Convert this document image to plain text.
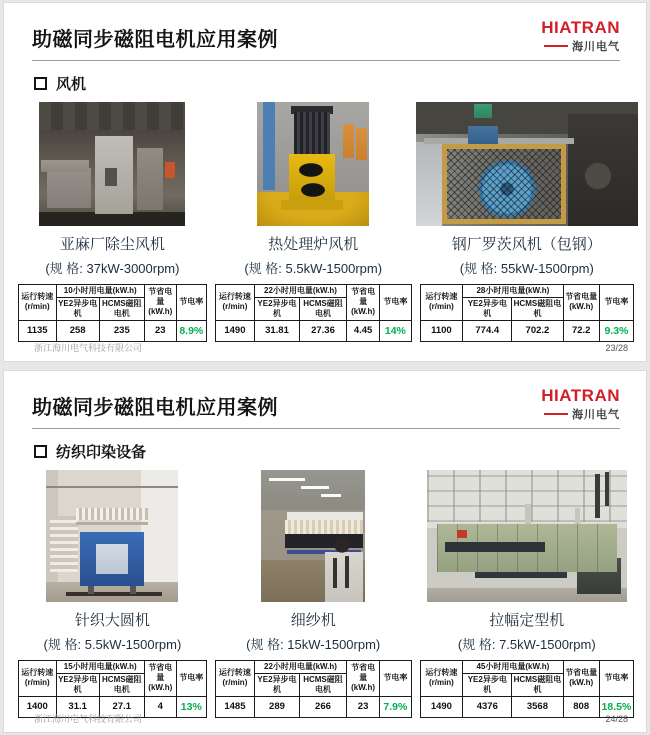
助磁同步磁阻电机应用案例
HIATRAN
海川电气
风机
亚麻厂除尘风机
(规 格: 37kW-3000rpm)
运行转速 (r/min)	10小时用电量(kW.h)		节省电量 (kW.h)	节电率
	YE2异步电机	HCMS磁阻电机		
1135	258	235	23	8.9%
热处理炉风机
(规 格: 5.5kW-1500rpm)
运行转速 (r/min)	22小时用电量(kW.h)		节省电量 (kW.h)	节电率
	YE2异步电机	HCMS磁阻电机		
1490	31.81	27.36	4.45	14%
钢厂罗茨风机（包钢）
(规 格: 55kW-1500rpm)
运行转速 (r/min)	28小时用电量(kW.h)		节省电量 (kW.h)	节电率
	YE2异步电机	HCMS磁阻电机		
1100	774.4	702.2	72.2	9.3%
浙江海川电气科技有限公司	23/28
助磁同步磁阻电机应用案例
HIATRAN
海川电气
纺织印染设备
针织大圆机
(规 格: 5.5kW-1500rpm)
运行转速 (r/min)	15小时用电量(kW.h)		节省电量 (kW.h)	节电率
	YE2异步电机	HCMS磁阻电机		
1400	31.1	27.1	4	13%
细纱机
(规 格: 15kW-1500rpm)
运行转速 (r/min)	22小时用电量(kW.h)		节省电量 (kW.h)	节电率
	YE2异步电机	HCMS磁阻电机		
1485	289	266	23	7.9%
拉幅定型机
(规 格: 7.5kW-1500rpm)
运行转速 (r/min)	45小时用电量(kW.h)		节省电量 (kW.h)	节电率
	YE2异步电机	HCMS磁阻电机		
1490	4376	3568	808	18.5%
浙江海川电气科技有限公司	24/28
